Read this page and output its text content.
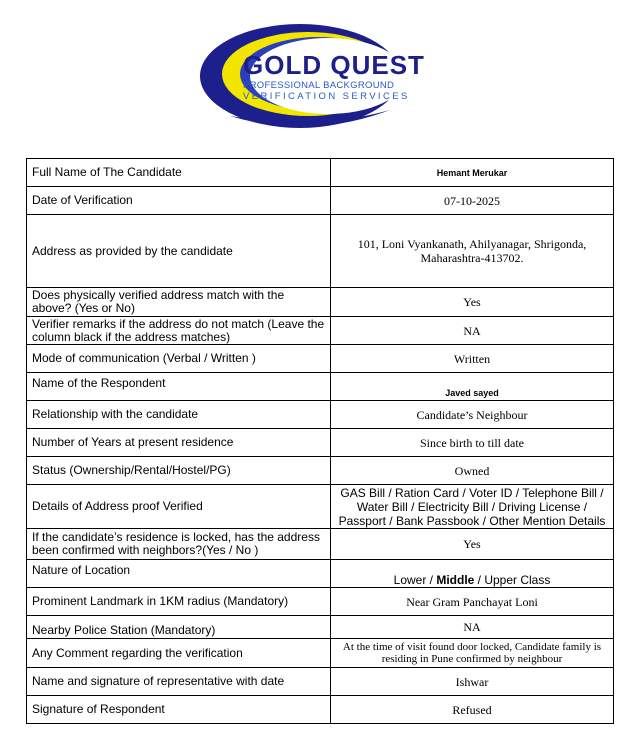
GOLD QUEST
PROFESSIONAL BACKGROUND
VERIFICATION SERVICES
Full Name of The Candidate	Hemant Merukar
Date of Verification	07-10-2025
Address as provided by the candidate	101, Loni Vyankanath, Ahilyanagar, Shrigonda, Maharashtra-413702.
Does physically verified address match with the above? (Yes or No)	Yes
Verifier remarks if the address do not match (Leave the column black if the address matches)	NA
Mode of communication (Verbal / Written )	Written

Name of the Respondent	Javed sayed
Relationship with the candidate	Candidate’s Neighbour
Number of Years at present residence	Since birth to till date
Status (Ownership/Rental/Hostel/PG)	Owned
Details of Address proof Verified	GAS Bill / Ration Card / Voter ID / Telephone Bill / Water Bill / Electricity Bill / Driving License / Passport / Bank Passbook / Other Mention Details
If the candidate’s residence is locked, has the address been confirmed with neighbors?(Yes / No )	Yes

Nature of Location	Lower / Middle / Upper Class
Prominent Landmark in 1KM radius (Mandatory)	Near Gram Panchayat Loni
Nearby Police Station (Mandatory)	NA
Any Comment regarding the verification	At the time of visit found door locked, Candidate family is residing in Pune confirmed by neighbour
Name and signature of representative with date	Ishwar
Signature of Respondent	Refused
